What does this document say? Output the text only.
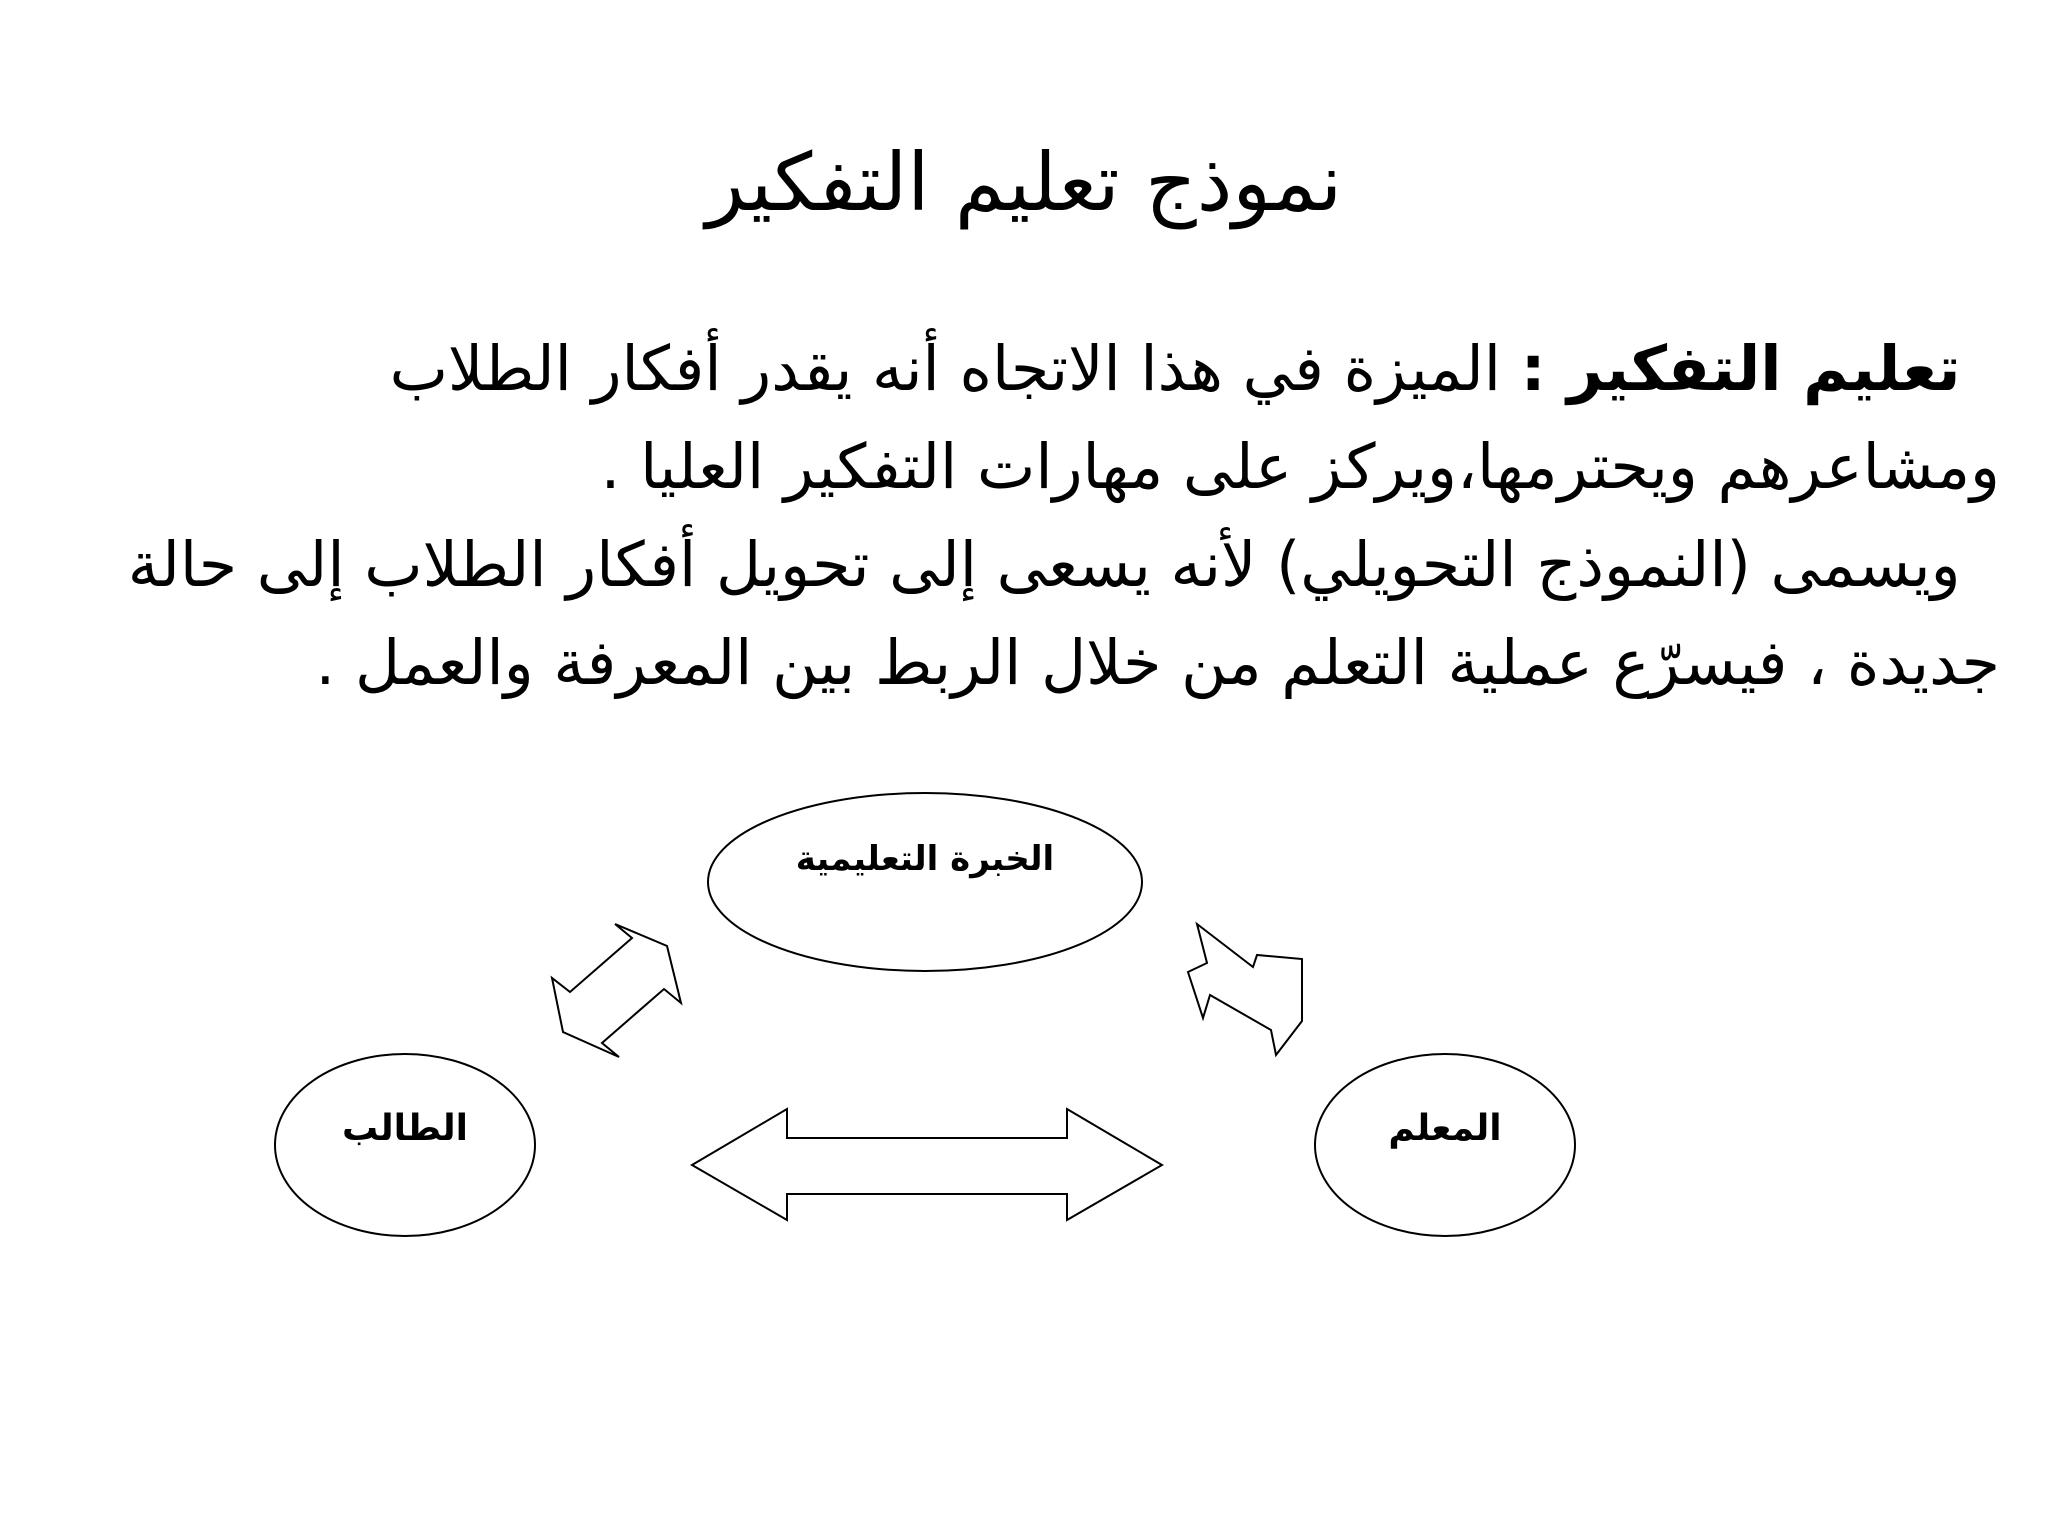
نموذج تعليم التفكير

تعليم التفكير : الميزة في هذا الاتجاه أنه يقدر أفكار الطلاب ومشاعرهم ويحترمها،ويركز على مهارات التفكير العليا .

ويسمى (النموذج التحويلي) لأنه يسعى إلى تحويل أفكار الطلاب إلى حالة جديدة ، فيسرّع عملية التعلم من خلال الربط بين المعرفة والعمل .

الخبرة التعليمية
الطالب	المعلم
